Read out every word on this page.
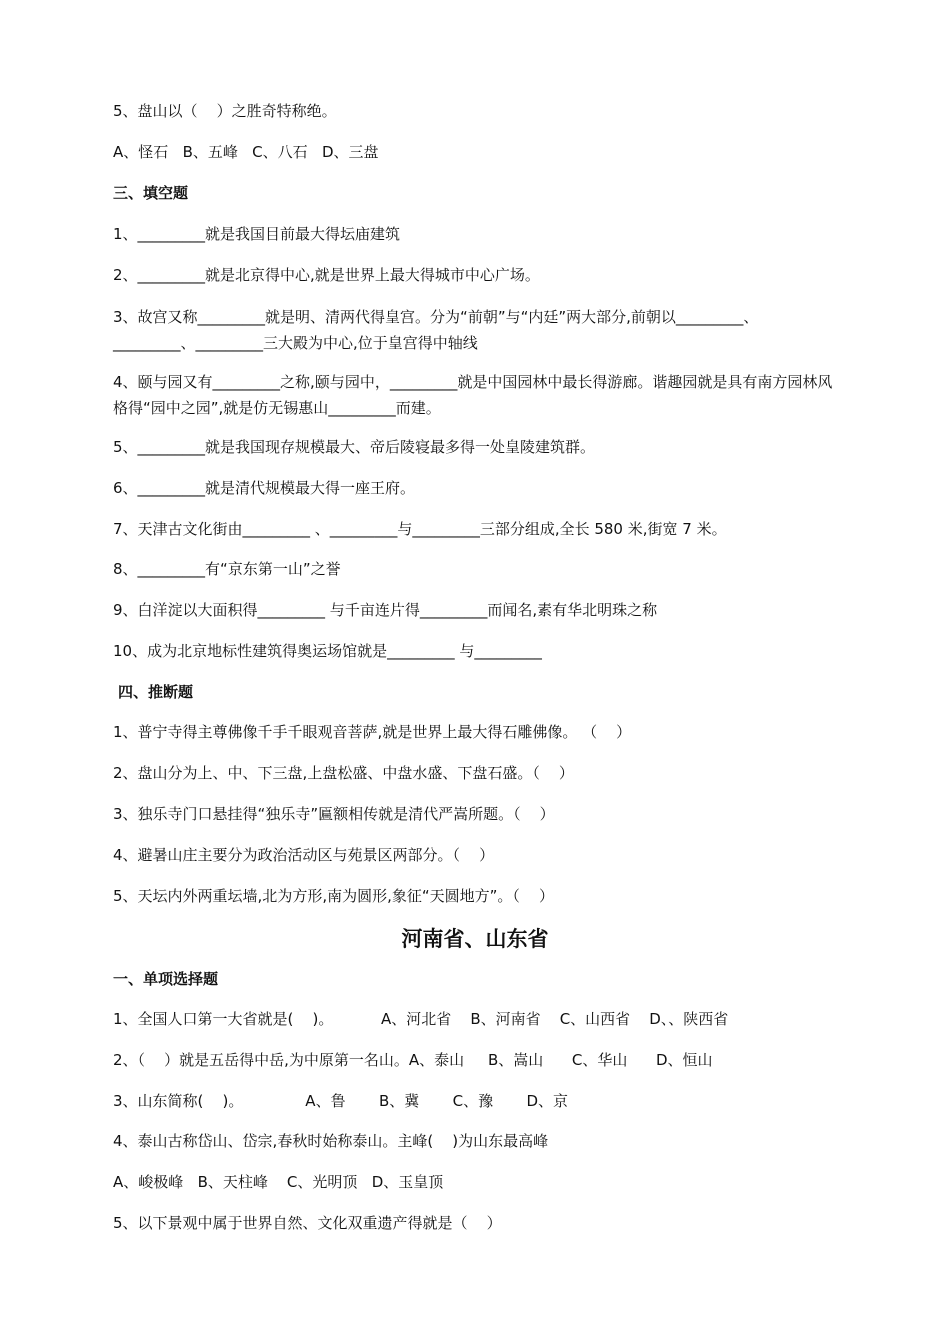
5、盘山以（    ）之胜奇特称绝。
A、怪石   B、五峰   C、八石   D、三盘
三、填空题
1、_________就是我国目前最大得坛庙建筑
2、_________就是北京得中心,就是世界上最大得城市中心广场。
3、故宫又称_________就是明、清两代得皇宫。分为“前朝”与“内廷”两大部分,前朝以_________、_________、_________三大殿为中心,位于皇宫得中轴线
4、颐与园又有_________之称,颐与园中，_________就是中国园林中最长得游廊。谐趣园就是具有南方园林风格得“园中之园”,就是仿无锡惠山_________而建。
5、_________就是我国现存规模最大、帝后陵寝最多得一处皇陵建筑群。
6、_________就是清代规模最大得一座王府。
7、天津古文化街由_________ 、_________与_________三部分组成,全长 580 米,街宽 7 米。
8、_________有“京东第一山”之誉
9、白洋淀以大面积得_________ 与千亩连片得_________而闻名,素有华北明珠之称
10、成为北京地标性建筑得奥运场馆就是_________ 与_________
四、推断题
1、普宁寺得主尊佛像千手千眼观音菩萨,就是世界上最大得石雕佛像。 （    ）
2、盘山分为上、中、下三盘,上盘松盛、中盘水盛、下盘石盛。（    ）
3、独乐寺门口悬挂得“独乐寺”匾额相传就是清代严嵩所题。（    ）
4、避暑山庄主要分为政治活动区与苑景区两部分。（    ）
5、天坛内外两重坛墙,北为方形,南为圆形,象征“天圆地方”。（    ）
河南省、山东省
一、单项选择题
1、全国人口第一大省就是(    )。          A、河北省    B、河南省    C、山西省    D、、陕西省
2、（    ）就是五岳得中岳,为中原第一名山。A、泰山     B、嵩山      C、华山      D、恒山
3、山东简称(    )。             A、鲁       B、冀       C、豫       D、京
4、泰山古称岱山、岱宗,春秋时始称泰山。主峰(    )为山东最高峰
A、峻极峰   B、天柱峰    C、光明顶   D、玉皇顶
5、以下景观中属于世界自然、文化双重遗产得就是（    ）
